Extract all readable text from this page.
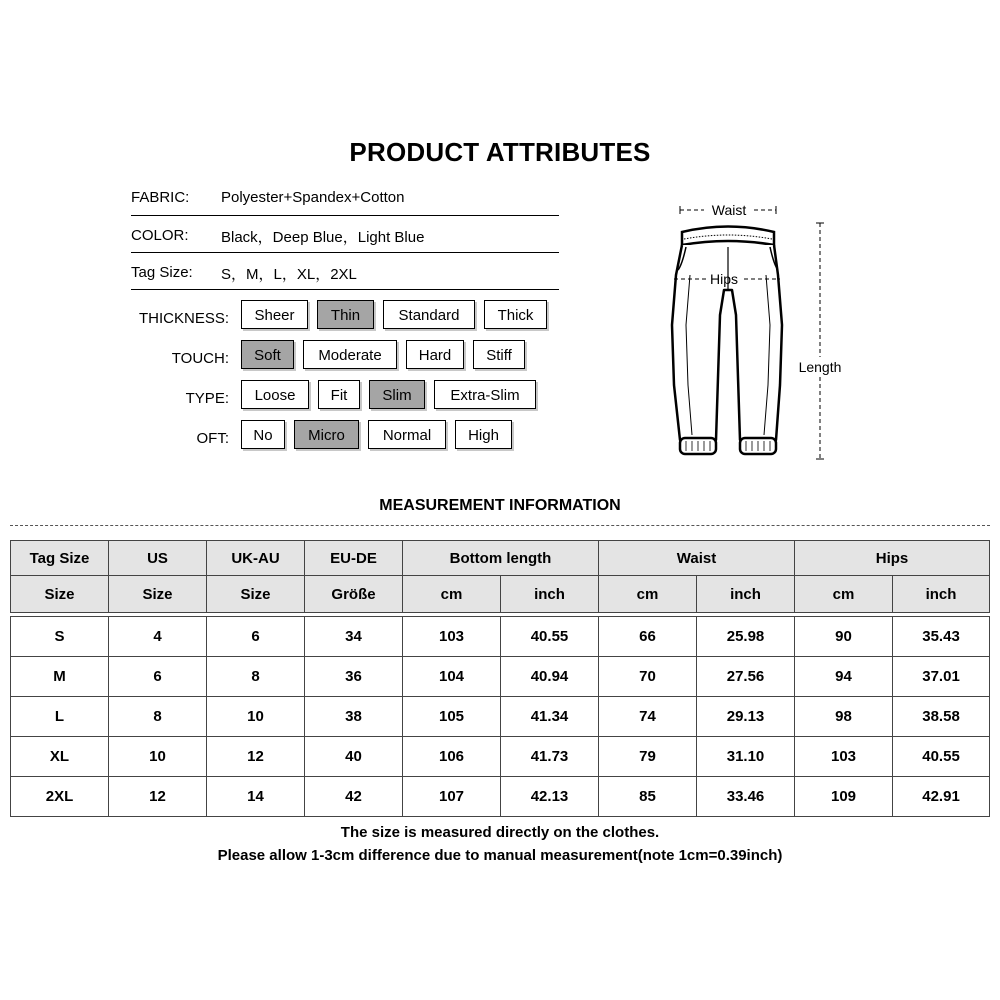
PRODUCT ATTRIBUTES
FABRIC: Polyester+Spandex+Cotton
COLOR: Black，Deep Blue，Light Blue
Tag Size: S，M，L，XL，2XL
THICKNESS:	Sheer	Thin	Standard	Thick
TOUCH:	Soft	Moderate	Hard	Stiff
TYPE:	Loose	Fit	Slim	Extra-Slim
OFT:	No	Micro	Normal	High
Waist
Hips
Length
MEASUREMENT INFORMATION
Tag Size	US	UK-AU	EU-DE	Bottom length		Waist		Hips	
Size	Size	Size	Größe	cm	inch	cm	inch	cm	inch

S	4	6	34	103	40.55	66	25.98	90	35.43
M	6	8	36	104	40.94	70	27.56	94	37.01
L	8	10	38	105	41.34	74	29.13	98	38.58
XL	10	12	40	106	41.73	79	31.10	103	40.55
2XL	12	14	42	107	42.13	85	33.46	109	42.91
The size is measured directly on the clothes.
Please allow 1-3cm difference due to manual measurement(note 1cm=0.39inch)
